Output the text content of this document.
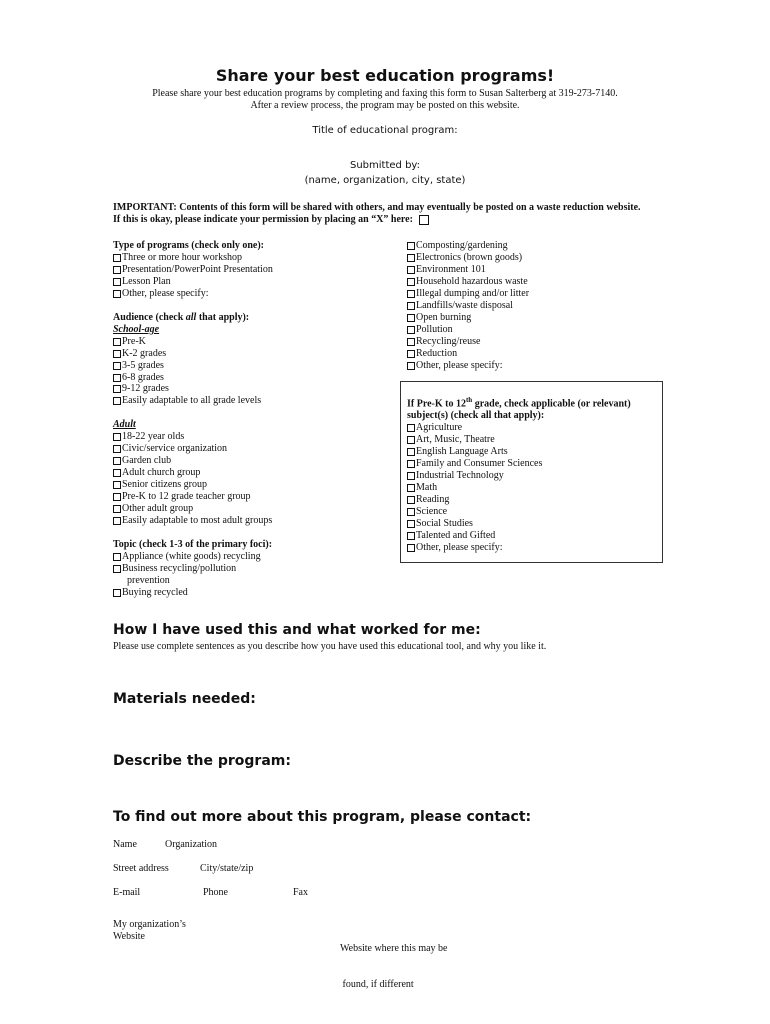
Share your best education programs!
Please share your best education programs by completing and faxing this form to Susan Salterberg at 319-273-7140.
After a review process, the program may be posted on this website.
Title of educational program:
Submitted by:
(name, organization, city, state)
IMPORTANT: Contents of this form will be shared with others, and may eventually be posted on a waste reduction website.
If this is okay, please indicate your permission by placing an “X” here:
Type of programs (check only one):
Three or more hour workshop
Presentation/PowerPoint Presentation
Lesson Plan
Other, please specify:
Audience (check all that apply):
School-age
Pre-K
K-2 grades
3-5 grades
6-8 grades
9-12 grades
Easily adaptable to all grade levels
Adult
18-22 year olds
Civic/service organization
Garden club
Adult church group
Senior citizens group
Pre-K to 12 grade teacher group
Other adult group
Easily adaptable to most adult groups
Topic (check 1-3 of the primary foci):
Appliance (white goods) recycling
Business recycling/pollution
prevention
Buying recycled
Composting/gardening
Electronics (brown goods)
Environment 101
Household hazardous waste
Illegal dumping and/or litter
Landfills/waste disposal
Open burning
Pollution
Recycling/reuse
Reduction
Other, please specify:
If Pre-K to 12th grade, check applicable (or relevant)
subject(s) (check all that apply):
Agriculture
Art, Music, Theatre
English Language Arts
Family and Consumer Sciences
Industrial Technology
Math
Reading
Science
Social Studies
Talented and Gifted
Other, please specify:
How I have used this and what worked for me:
Please use complete sentences as you describe how you have used this educational tool, and why you like it.
Materials needed:
Describe the program:
To find out more about this program, please contact:
Name	Organization
Street address	City/state/zip
E-mail	Phone	Fax
My organization’s
Website

Website where this may be

found, if different
